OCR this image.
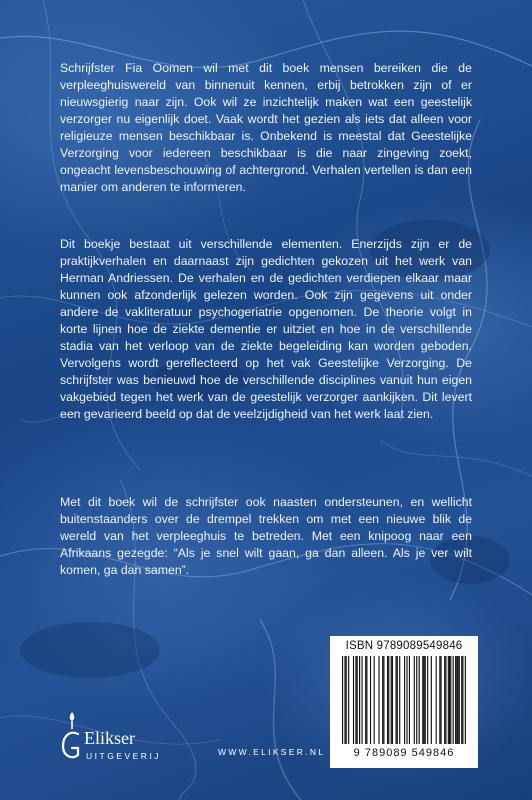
Schrijfster Fia Oomen wil met dit boek mensen bereiken die de verpleeghuiswereld van binnenuit kennen, erbij betrokken zijn of er nieuwsgierig naar zijn. Ook wil ze inzichtelijk maken wat een geestelijk verzorger nu eigenlijk doet. Vaak wordt het gezien als iets dat alleen voor religieuze mensen beschikbaar is. Onbekend is meestal dat Geestelijke Verzorging voor iedereen beschikbaar is die naar zingeving zoekt, ongeacht levensbeschouwing of achtergrond. Verhalen vertellen is dan een manier om anderen te informeren.

Dit boekje bestaat uit verschillende elementen. Enerzijds zijn er de praktijkverhalen en daarnaast zijn gedichten gekozen uit het werk van Herman Andriessen. De verhalen en de gedichten verdiepen elkaar maar kunnen ook afzonderlijk gelezen worden. Ook zijn gegevens uit onder andere de vakliteratuur psychogeriatrie opgenomen. De theorie volgt in korte lijnen hoe de ziekte dementie er uitziet en hoe in de verschillende stadia van het verloop van de ziekte begeleiding kan worden geboden. Vervolgens wordt gereflecteerd op het vak Geestelijke Verzorging. De schrijfster was benieuwd hoe de verschillende disciplines vanuit hun eigen vakgebied tegen het werk van de geestelijk verzorger aankijken. Dit levert een gevarieerd beeld op dat de veelzijdigheid van het werk laat zien.

Met dit boek wil de schrijfster ook naasten ondersteunen, en wellicht buitenstaanders over de drempel trekken om met een nieuwe blik de wereld van het verpleeghuis te betreden. Met een knipoog naar een Afrikaans gezegde: “Als je snel wilt gaan, ga dan alleen. Als je ver wilt komen, ga dan samen”.

Elikser
UITGEVERIJ	WWW.ELIKSER.NL
ISBN 9789089549846
9 789089 549846
